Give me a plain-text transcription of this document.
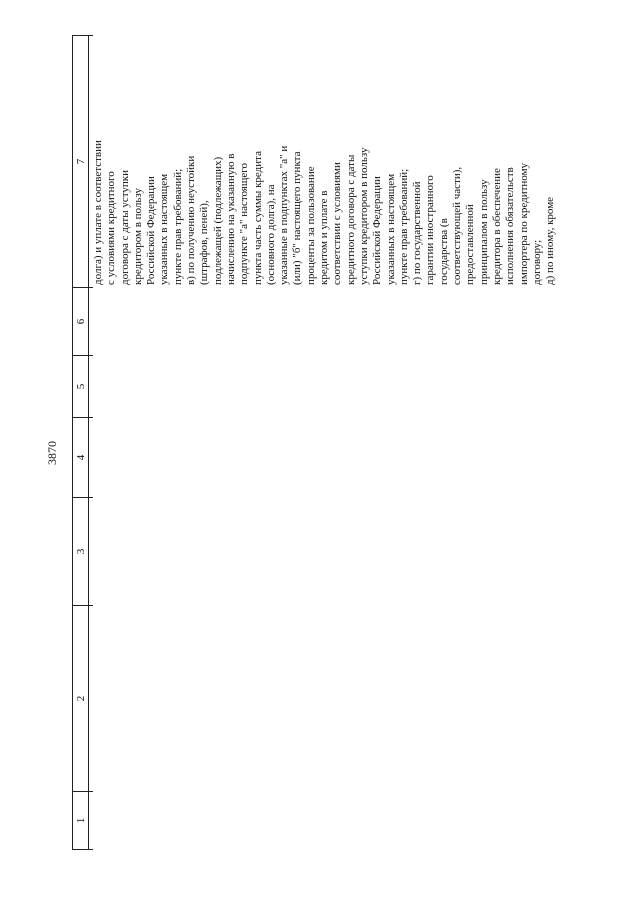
3870
1
2
3
4
5
6
7 долга) и уплате в соответствии с условиями кредитного договора с даты уступки кредитором в пользу Российской Федерации указанных в настоящем пункте прав требований; в) по получению неустойки (штрафов, пеней), подлежащей (подлежащих) начислению на указанную в подпункте "а" настоящего пункта часть суммы кредита (основного долга), на указанные в подпунктах "а" и (или) "б" настоящего пункта проценты за пользование кредитом и уплате в соответствии с условиями кредитного договора с даты уступки кредитором в пользу Российской Федерации указанных в настоящем пункте прав требований; г) по государственной гарантии иностранного государства (в соответствующей части), предоставленной принципалом в пользу кредитора в обеспечение исполнения обязательств импортера по кредитному договору; д) по иному, кроме
